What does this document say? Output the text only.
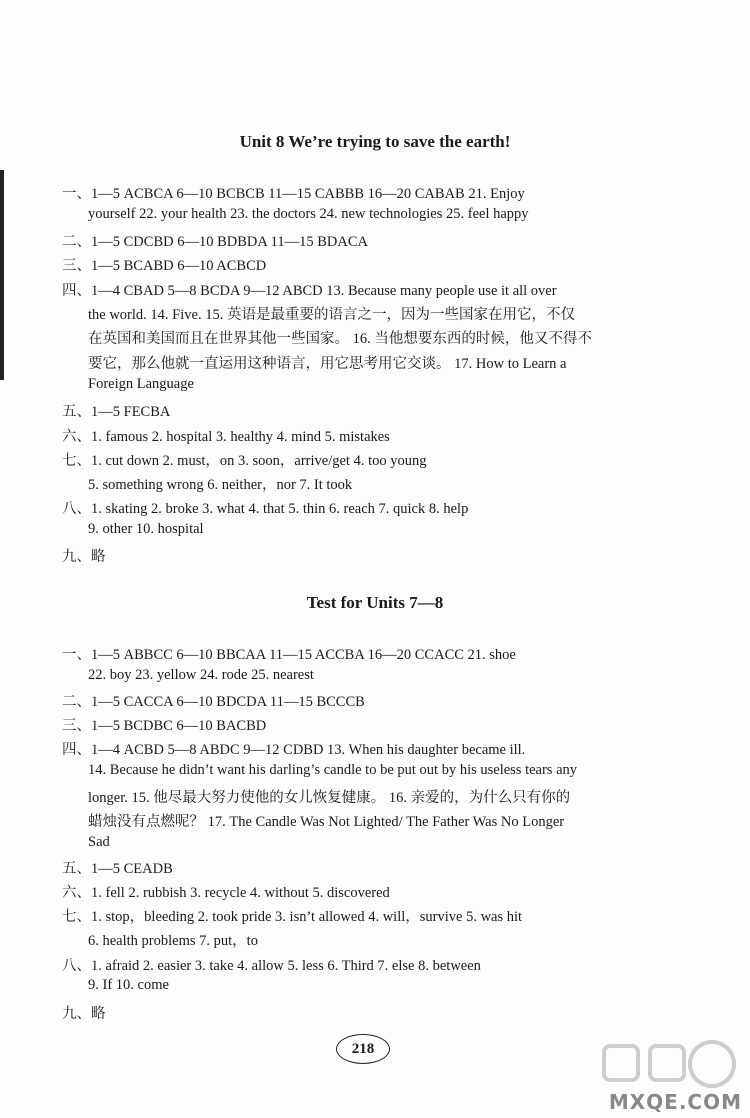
Unit 8 We’re trying to save the earth!
一、1—5 ACBCA 6—10 BCBCB 11—15 CABBB 16—20 CABAB 21. Enjoy
yourself 22. your health 23. the doctors 24. new technologies 25. feel happy
二、1—5 CDCBD 6—10 BDBDA 11—15 BDACA
三、1—5 BCABD 6—10 ACBCD
四、1—4 CBAD 5—8 BCDA 9—12 ABCD 13. Because many people use it all over
the world. 14. Five. 15. 英语是最重要的语言之一，因为一些国家在用它，不仅
在英国和美国而且在世界其他一些国家。 16. 当他想要东西的时候，他又不得不
要它，那么他就一直运用这种语言，用它思考用它交谈。 17. How to Learn a
Foreign Language
五、1—5 FECBA
六、1. famous 2. hospital 3. healthy 4. mind 5. mistakes
七、1. cut down 2. must，on 3. soon，arrive/get 4. too young
5. something wrong 6. neither，nor 7. It took
八、1. skating 2. broke 3. what 4. that 5. thin 6. reach 7. quick 8. help
9. other 10. hospital
九、略
Test for Units 7—8
一、1—5 ABBCC 6—10 BBCAA 11—15 ACCBA 16—20 CCACC 21. shoe
22. boy 23. yellow 24. rode 25. nearest
二、1—5 CACCA 6—10 BDCDA 11—15 BCCCB
三、1—5 BCDBC 6—10 BACBD
四、1—4 ACBD 5—8 ABDC 9—12 CDBD 13. When his daughter became ill.
14. Because he didn’t want his darling’s candle to be put out by his useless tears any
longer. 15. 他尽最大努力使他的女儿恢复健康。 16. 亲爱的，为什么只有你的
蜡烛没有点燃呢？ 17. The Candle Was Not Lighted/ The Father Was No Longer
Sad
五、1—5 CEADB
六、1. fell 2. rubbish 3. recycle 4. without 5. discovered
七、1. stop，bleeding 2. took pride 3. isn’t allowed 4. will，survive 5. was hit
6. health problems 7. put，to
八、1. afraid 2. easier 3. take 4. allow 5. less 6. Third 7. else 8. between
9. If 10. come
九、略
218
MXQE.COM
